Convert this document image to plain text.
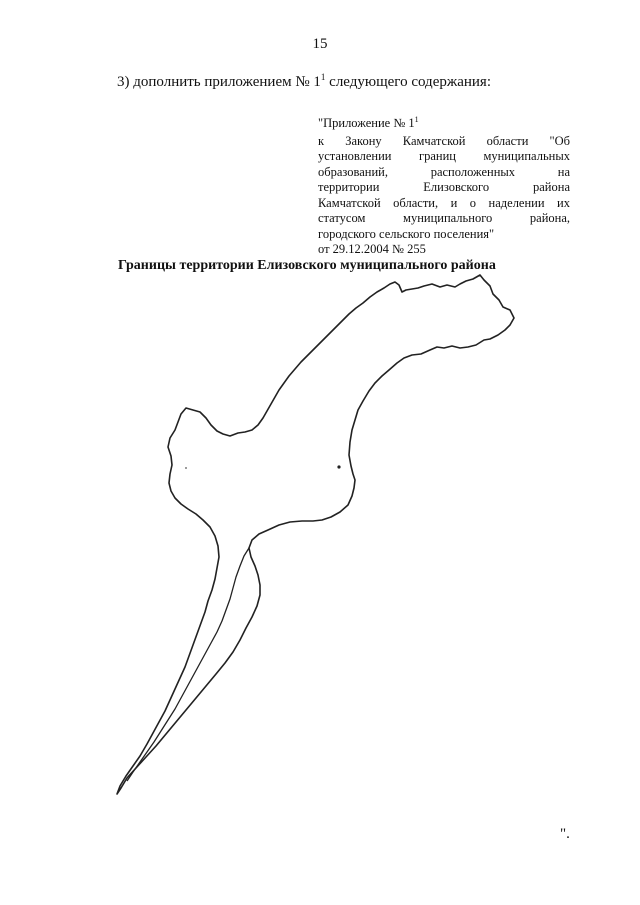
15
3) дополнить приложением № $1^1$ следующего содержания:
"Приложение № $1^1$
к Закону Камчатской области "Об
установлении границ муниципальных
образований, расположенных на
территории Елизовского района
Камчатской области, и о наделении их
статусом муниципального района,
городского сельского поселения"
от 29.12.2004 № 255
Границы территории Елизовского муниципального района
".
